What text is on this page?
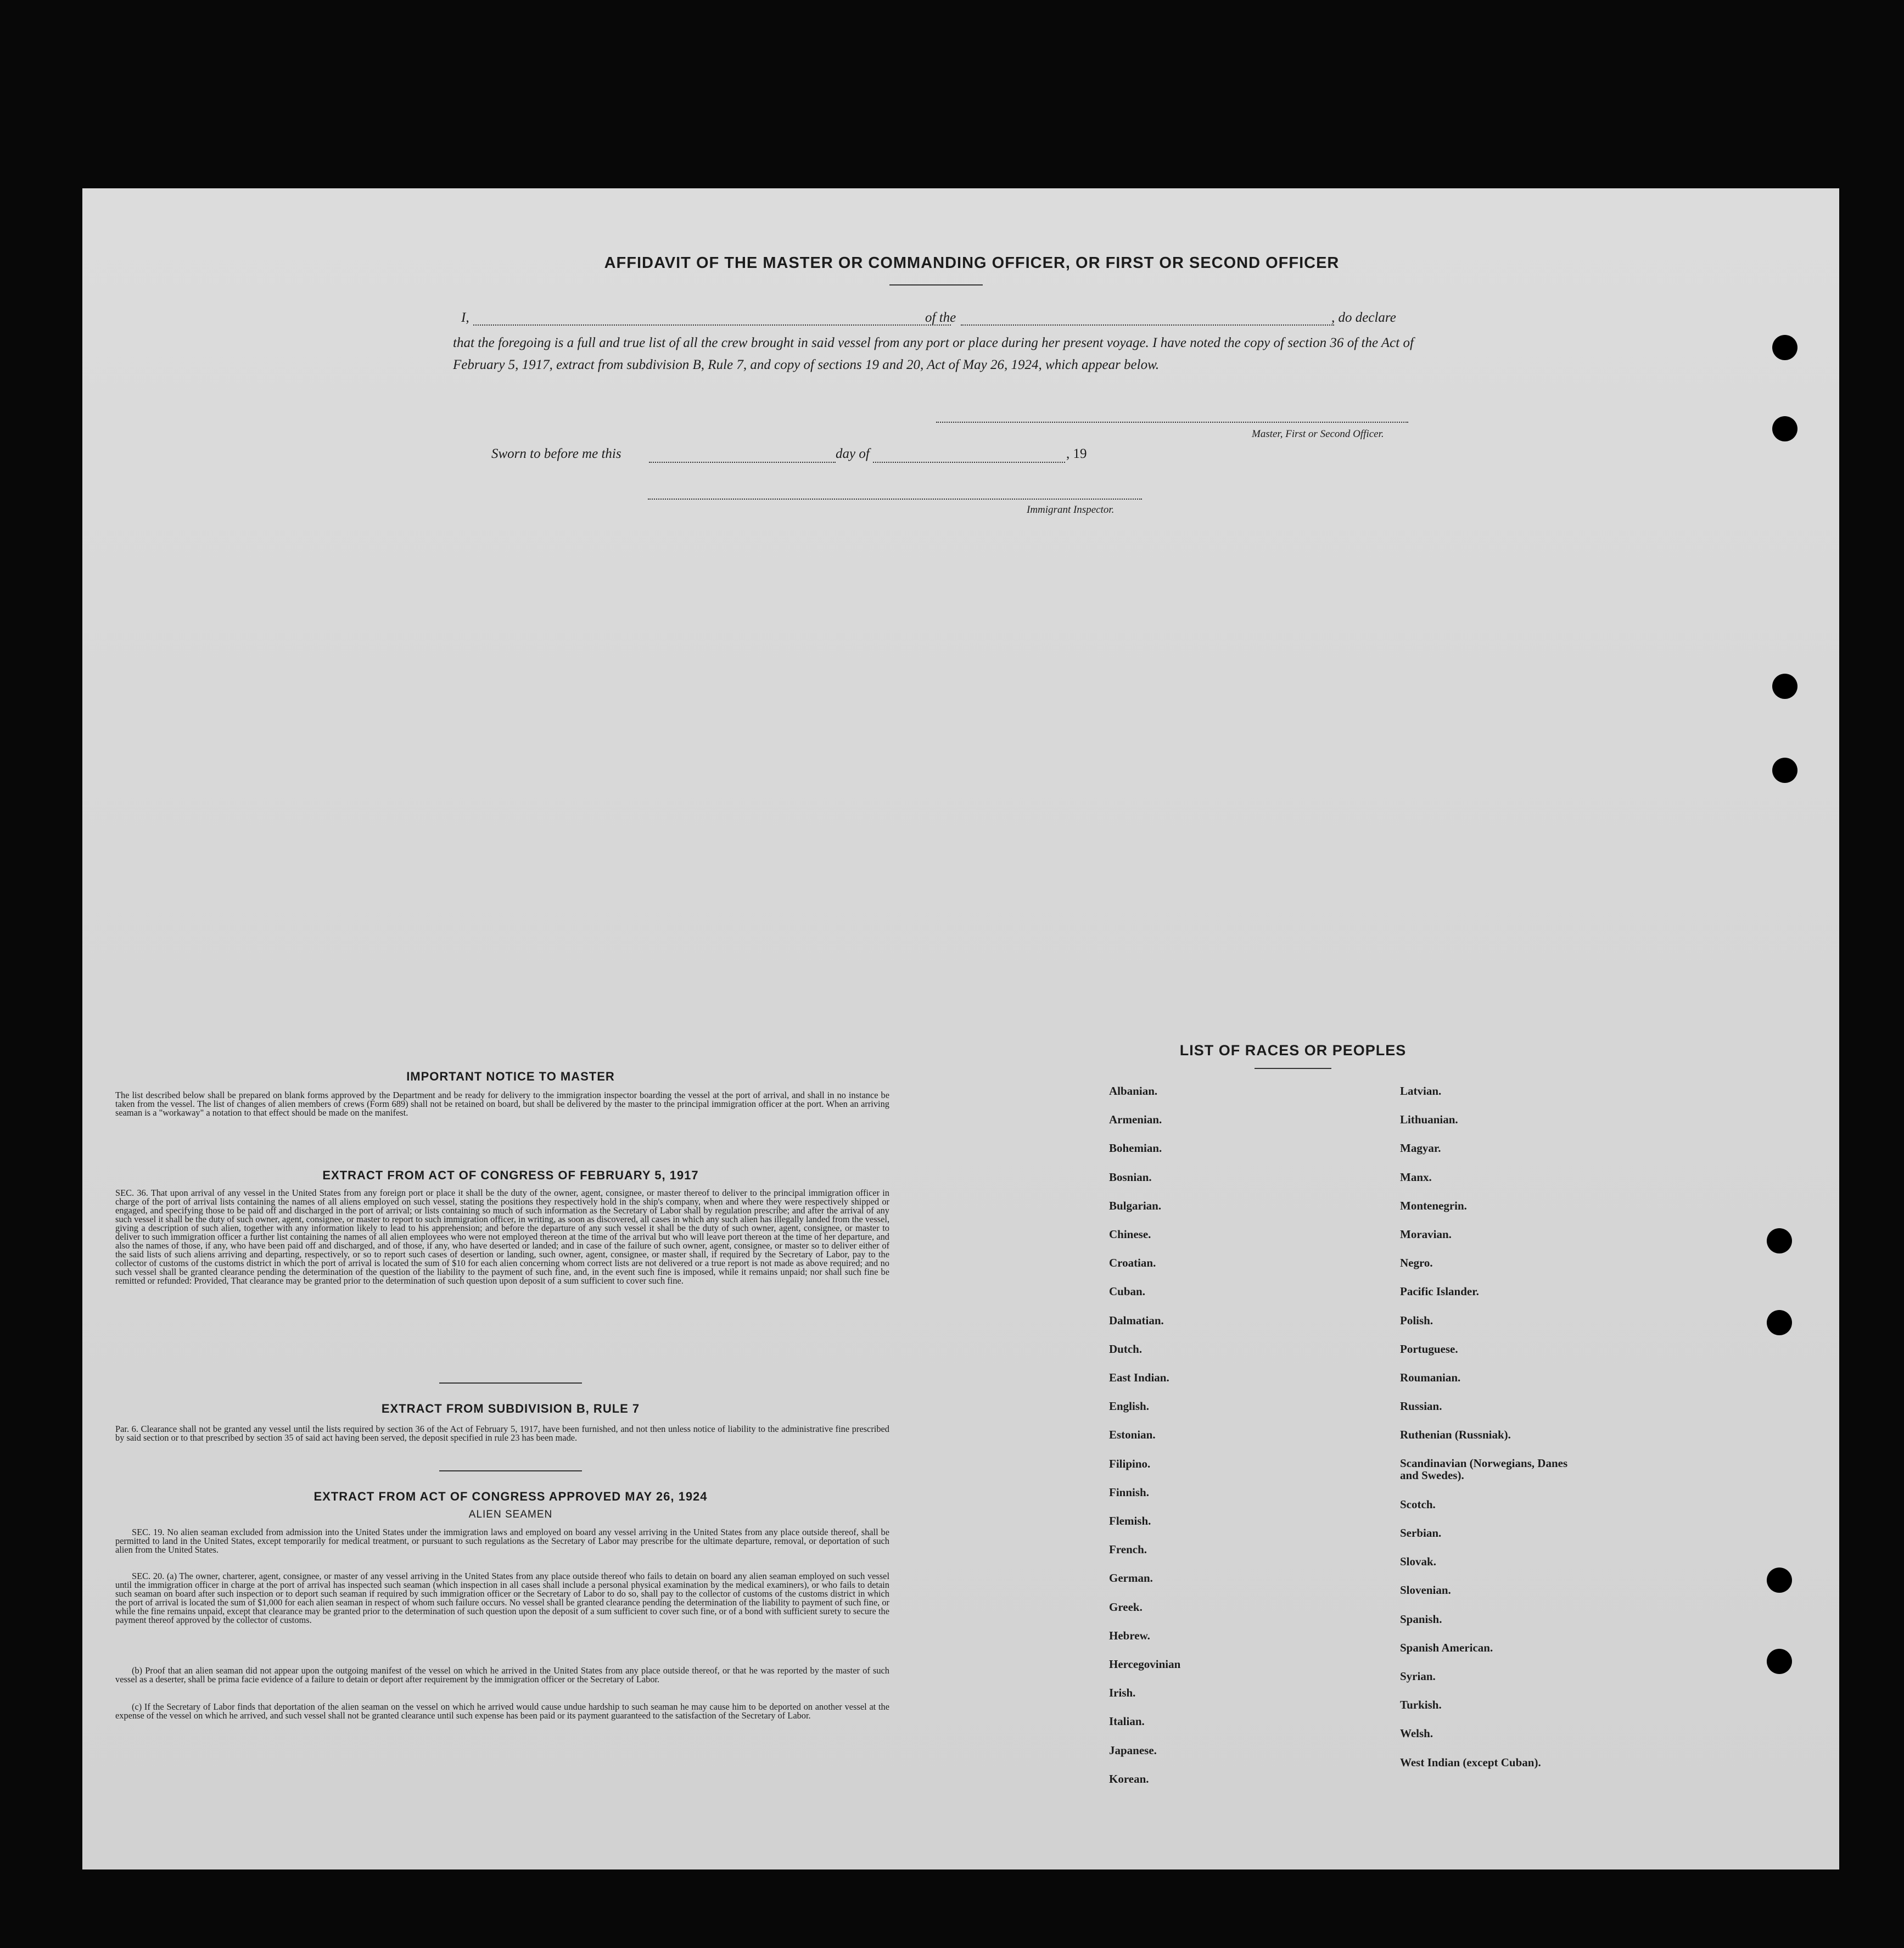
AFFIDAVIT OF THE MASTER OR COMMANDING OFFICER, OR FIRST OR SECOND OFFICER
I,	of the	, do declare
that the foregoing is a full and true list of all the crew brought in said vessel from any port or place during her present voyage. I have noted the copy of section 36 of the Act of February 5, 1917, extract from subdivision B, Rule 7, and copy of sections 19 and 20, Act of May 26, 1924, which appear below.
Master, First or Second Officer.
Sworn to before me this	day of	, 19
Immigrant Inspector.
IMPORTANT NOTICE TO MASTER
The list described below shall be prepared on blank forms approved by the Department and be ready for delivery to the immigration inspector boarding the vessel at the port of arrival, and shall in no instance be taken from the vessel. The list of changes of alien members of crews (Form 689) shall not be retained on board, but shall be delivered by the master to the principal immigration officer at the port. When an arriving seaman is a "workaway" a notation to that effect should be made on the manifest.
EXTRACT FROM ACT OF CONGRESS OF FEBRUARY 5, 1917
SEC. 36. That upon arrival of any vessel in the United States from any foreign port or place it shall be the duty of the owner, agent, consignee, or master thereof to deliver to the principal immigration officer in charge of the port of arrival lists containing the names of all aliens employed on such vessel, stating the positions they respectively hold in the ship's company, when and where they were respectively shipped or engaged, and specifying those to be paid off and discharged in the port of arrival; or lists containing so much of such information as the Secretary of Labor shall by regulation prescribe; and after the arrival of any such vessel it shall be the duty of such owner, agent, consignee, or master to report to such immigration officer, in writing, as soon as discovered, all cases in which any such alien has illegally landed from the vessel, giving a description of such alien, together with any information likely to lead to his apprehension; and before the departure of any such vessel it shall be the duty of such owner, agent, consignee, or master to deliver to such immigration officer a further list containing the names of all alien employees who were not employed thereon at the time of the arrival but who will leave port thereon at the time of her departure, and also the names of those, if any, who have been paid off and discharged, and of those, if any, who have deserted or landed; and in case of the failure of such owner, agent, consignee, or master so to deliver either of the said lists of such aliens arriving and departing, respectively, or so to report such cases of desertion or landing, such owner, agent, consignee, or master shall, if required by the Secretary of Labor, pay to the collector of customs of the customs district in which the port of arrival is located the sum of $10 for each alien concerning whom correct lists are not delivered or a true report is not made as above required; and no such vessel shall be granted clearance pending the determination of the question of the liability to the payment of such fine, and, in the event such fine is imposed, while it remains unpaid; nor shall such fine be remitted or refunded: Provided, That clearance may be granted prior to the determination of such question upon deposit of a sum sufficient to cover such fine.
EXTRACT FROM SUBDIVISION B, RULE 7
Par. 6. Clearance shall not be granted any vessel until the lists required by section 36 of the Act of February 5, 1917, have been furnished, and not then unless notice of liability to the administrative fine prescribed by said section or to that prescribed by section 35 of said act having been served, the deposit specified in rule 23 has been made.
EXTRACT FROM ACT OF CONGRESS APPROVED MAY 26, 1924
ALIEN SEAMEN
SEC. 19. No alien seaman excluded from admission into the United States under the immigration laws and employed on board any vessel arriving in the United States from any place outside thereof, shall be permitted to land in the United States, except temporarily for medical treatment, or pursuant to such regulations as the Secretary of Labor may prescribe for the ultimate departure, removal, or deportation of such alien from the United States.
SEC. 20. (a) The owner, charterer, agent, consignee, or master of any vessel arriving in the United States from any place outside thereof who fails to detain on board any alien seaman employed on such vessel until the immigration officer in charge at the port of arrival has inspected such seaman (which inspection in all cases shall include a personal physical examination by the medical examiners), or who fails to detain such seaman on board after such inspection or to deport such seaman if required by such immigration officer or the Secretary of Labor to do so, shall pay to the collector of customs of the customs district in which the port of arrival is located the sum of $1,000 for each alien seaman in respect of whom such failure occurs. No vessel shall be granted clearance pending the determination of the liability to payment of such fine, or while the fine remains unpaid, except that clearance may be granted prior to the determination of such question upon the deposit of a sum sufficient to cover such fine, or of a bond with sufficient surety to secure the payment thereof approved by the collector of customs.
(b) Proof that an alien seaman did not appear upon the outgoing manifest of the vessel on which he arrived in the United States from any place outside thereof, or that he was reported by the master of such vessel as a deserter, shall be prima facie evidence of a failure to detain or deport after requirement by the immigration officer or the Secretary of Labor.
(c) If the Secretary of Labor finds that deportation of the alien seaman on the vessel on which he arrived would cause undue hardship to such seaman he may cause him to be deported on another vessel at the expense of the vessel on which he arrived, and such vessel shall not be granted clearance until such expense has been paid or its payment guaranteed to the satisfaction of the Secretary of Labor.
LIST OF RACES OR PEOPLES
Albanian.
Armenian.
Bohemian.
Bosnian.
Bulgarian.
Chinese.
Croatian.
Cuban.
Dalmatian.
Dutch.
East Indian.
English.
Estonian.
Filipino.
Finnish.
Flemish.
French.
German.
Greek.
Hebrew.
Hercegovinian
Irish.
Italian.
Japanese.
Korean.
Latvian.
Lithuanian.
Magyar.
Manx.
Montenegrin.
Moravian.
Negro.
Pacific Islander.
Polish.
Portuguese.
Roumanian.
Russian.
Ruthenian (Russniak).
Scandinavian (Norwegians, Danes and Swedes).
Scotch.
Serbian.
Slovak.
Slovenian.
Spanish.
Spanish American.
Syrian.
Turkish.
Welsh.
West Indian (except Cuban).
